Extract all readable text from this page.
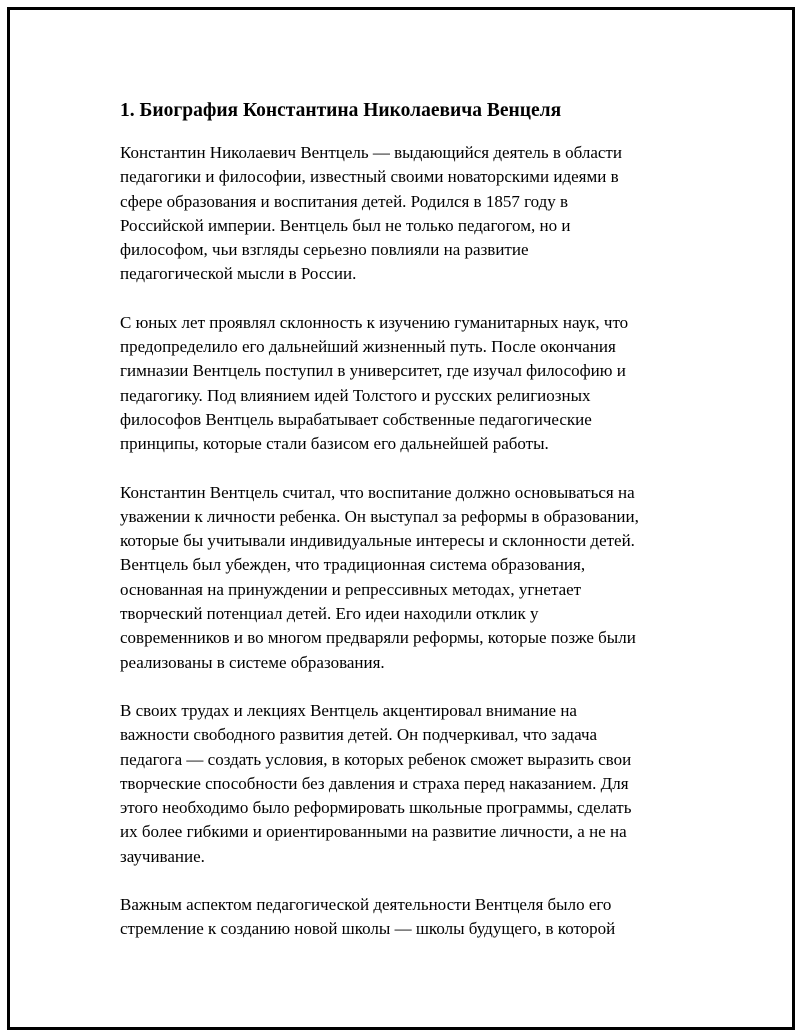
1. Биография Константина Николаевича Венцеля

Константин Николаевич Вентцель — выдающийся деятель в области
педагогики и философии, известный своими новаторскими идеями в
сфере образования и воспитания детей. Родился в 1857 году в
Российской империи. Вентцель был не только педагогом, но и
философом, чьи взгляды серьезно повлияли на развитие
педагогической мысли в России.

С юных лет проявлял склонность к изучению гуманитарных наук, что
предопределило его дальнейший жизненный путь. После окончания
гимназии Вентцель поступил в университет, где изучал философию и
педагогику. Под влиянием идей Толстого и русских религиозных
философов Вентцель вырабатывает собственные педагогические
принципы, которые стали базисом его дальнейшей работы.

Константин Вентцель считал, что воспитание должно основываться на
уважении к личности ребенка. Он выступал за реформы в образовании,
которые бы учитывали индивидуальные интересы и склонности детей.
Вентцель был убежден, что традиционная система образования,
основанная на принуждении и репрессивных методах, угнетает
творческий потенциал детей. Его идеи находили отклик у
современников и во многом предваряли реформы, которые позже были
реализованы в системе образования.

В своих трудах и лекциях Вентцель акцентировал внимание на
важности свободного развития детей. Он подчеркивал, что задача
педагога — создать условия, в которых ребенок сможет выразить свои
творческие способности без давления и страха перед наказанием. Для
этого необходимо было реформировать школьные программы, сделать
их более гибкими и ориентированными на развитие личности, а не на
заучивание.

Важным аспектом педагогической деятельности Вентцеля было его
стремление к созданию новой школы — школы будущего, в которой
